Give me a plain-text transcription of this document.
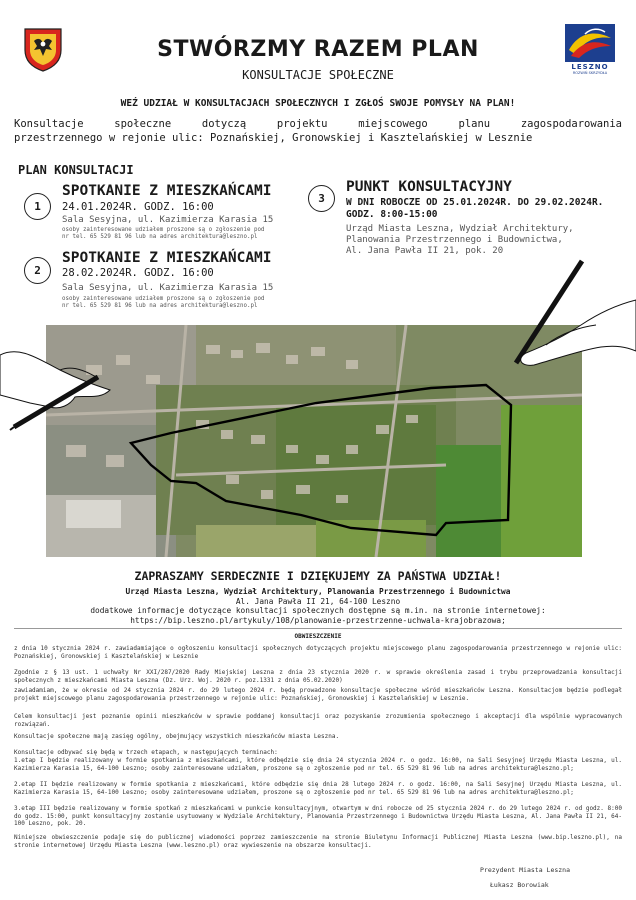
LESZNO
ROZWIŃ SKRZYDŁA
STWÓRZMY RAZEM PLAN
KONSULTACJE SPOŁECZNE
WEŹ UDZIAŁ W KONSULTACJACH SPOŁECZNYCH I ZGŁOŚ SWOJE POMYSŁY NA PLAN!
Konsultacje społeczne dotyczą projektu miejscowego planu zagospodarowania
przestrzennego w rejonie ulic: Poznańskiej, Gronowskiej i Kasztelańskiej w Lesznie
PLAN KONSULTACJI
1
SPOTKANIE Z MIESZKAŃCAMI
24.01.2024R. GODZ. 16:00
Sala Sesyjna, ul. Kazimierza Karasia 15
osoby zainteresowane udziałem proszone są o zgłoszenie pod
nr tel. 65 529 81 96 lub na adres architektura@leszno.pl
2
SPOTKANIE Z MIESZKAŃCAMI
28.02.2024R. GODZ. 16:00
Sala Sesyjna, ul. Kazimierza Karasia 15
osoby zainteresowane udziałem proszone są o zgłoszenie pod
nr tel. 65 529 81 96 lub na adres architektura@leszno.pl
3
PUNKT KONSULTACYJNY
W DNI ROBOCZE OD 25.01.2024R. DO 29.02.2024R.
GODZ. 8:00-15:00
Urząd Miasta Leszna, Wydział Architektury,
Planowania Przestrzennego i Budownictwa,
Al. Jana Pawła II 21, pok. 20
ZAPRASZAMY SERDECZNIE I DZIĘKUJEMY ZA PAŃSTWA UDZIAŁ!
Urząd Miasta Leszna, Wydział Architektury, Planowania Przestrzennego i Budownictwa
Al. Jana Pawła II 21, 64-100 Leszno
dodatkowe informacje dotyczące konsultacji społecznych dostępne są m.in. na stronie internetowej:
https://bip.leszno.pl/artykuly/108/planowanie-przestrzenne-uchwala-krajobrazowa;
OBWIESZCZENIE
z dnia 10 stycznia 2024 r. zawiadamiające o ogłoszeniu konsultacji społecznych dotyczących projektu miejscowego planu zagospodarowania przestrzennego w rejonie ulic: Poznańskiej, Gronowskiej i Kasztelańskiej w Lesznie
Zgodnie z § 13 ust. 1 uchwały Nr XXI/287/2020 Rady Miejskiej Leszna z dnia 23 stycznia 2020 r. w sprawie określenia zasad i trybu przeprowadzania konsultacji społecznych z mieszkańcami Miasta Leszna (Dz. Urz. Woj. 2020 r. poz.1331 z dnia 05.02.2020)
zawiadamiam, że w okresie od 24 stycznia 2024 r. do 29 lutego 2024 r. będą prowadzone konsultacje społeczne wśród mieszkańców Leszna. Konsultacjom będzie podlegał projekt miejscowego planu zagospodarowania przestrzennego w rejonie ulic: Poznańskiej, Gronowskiej i Kasztelańskiej w Lesznie.
Celem konsultacji jest poznanie opinii mieszkańców w sprawie poddanej konsultacji oraz pozyskanie zrozumienia społecznego i akceptacji dla wspólnie wypracowanych rozwiązań.
Konsultacje społeczne mają zasięg ogólny, obejmujący wszystkich mieszkańców miasta Leszna.
Konsultacje odbywać się będą w trzech etapach, w następujących terminach:
1.etap I będzie realizowany w formie spotkania z mieszkańcami, które odbędzie się dnia 24 stycznia 2024 r. o godz. 16:00, na Sali Sesyjnej Urzędu Miasta Leszna, ul. Kazimierza Karasia 15, 64-100 Leszno; osoby zainteresowane udziałem, proszone są o zgłoszenie pod nr tel. 65 529 81 96 lub na adres architektura@leszno.pl;
2.etap II będzie realizowany w formie spotkania z mieszkańcami, które odbędzie się dnia 28 lutego 2024 r. o godz. 16:00, na Sali Sesyjnej Urzędu Miasta Leszna, ul. Kazimierza Karasia 15, 64-100 Leszno; osoby zainteresowane udziałem, proszone są o zgłoszenie pod nr tel. 65 529 81 96 lub na adres architektura@leszno.pl;
3.etap III będzie realizowany w formie spotkań z mieszkańcami w punkcie konsultacyjnym, otwartym w dni robocze od 25 stycznia 2024 r. do 29 lutego 2024 r. od godz. 8:00 do godz. 15:00, punkt konsultacyjny zostanie usytuowany w Wydziale Architektury, Planowania Przestrzennego i Budownictwa Urzędu Miasta Leszna, Al. Jana Pawła II 21, 64-100 Leszno, pok. 20.
Niniejsze obwieszczenie podaje się do publicznej wiadomości poprzez zamieszczenie na stronie Biuletynu Informacji Publicznej Miasta Leszna (www.bip.leszno.pl), na stronie internetowej Urzędu Miasta Leszna (www.leszno.pl) oraz wywieszenie na obszarze konsultacji.
Prezydent Miasta Leszna
Łukasz Borowiak
